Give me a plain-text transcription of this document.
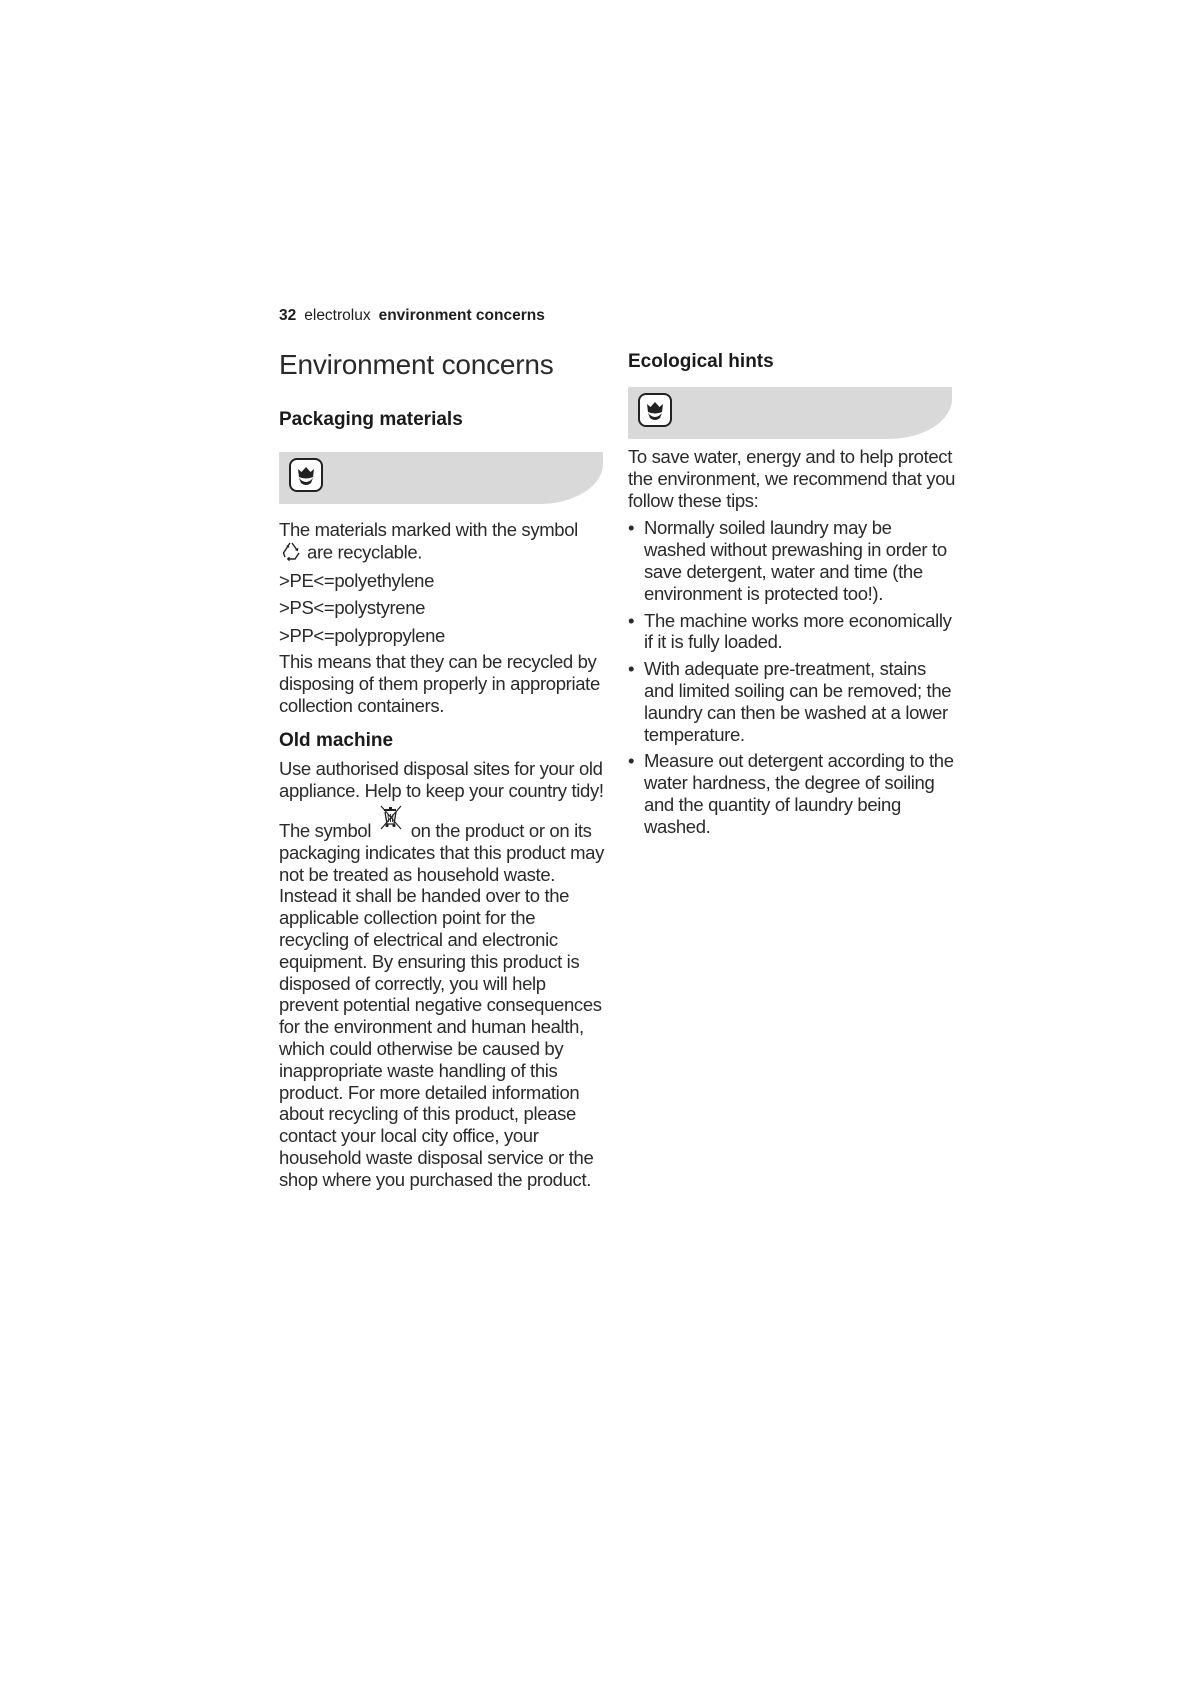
32 electrolux environment concerns
Environment concerns
Packaging materials

The materials marked with the symbol
are recyclable.

>PE<=polyethylene

>PS<=polystyrene

>PP<=polypropylene

This means that they can be recycled by disposing of them properly in appropriate collection containers.

Old machine

Use authorised disposal sites for your old appliance. Help to keep your country tidy!

The symbol on the product or on its packaging indicates that this product may not be treated as household waste. Instead it shall be handed over to the applicable collection point for the recycling of electrical and electronic equipment. By ensuring this product is disposed of correctly, you will help prevent potential negative consequences for the environment and human health, which could otherwise be caused by inappropriate waste handling of this product. For more detailed information about recycling of this product, please contact your local city office, your household waste disposal service or the shop where you purchased the product.

Ecological hints

To save water, energy and to help protect the environment, we recommend that you follow these tips:

• Normally soiled laundry may be washed without prewashing in order to save detergent, water and time (the environment is protected too!).
• The machine works more economically if it is fully loaded.
• With adequate pre-treatment, stains and limited soiling can be removed; the laundry can then be washed at a lower temperature.
• Measure out detergent according to the water hardness, the degree of soiling and the quantity of laundry being washed.
